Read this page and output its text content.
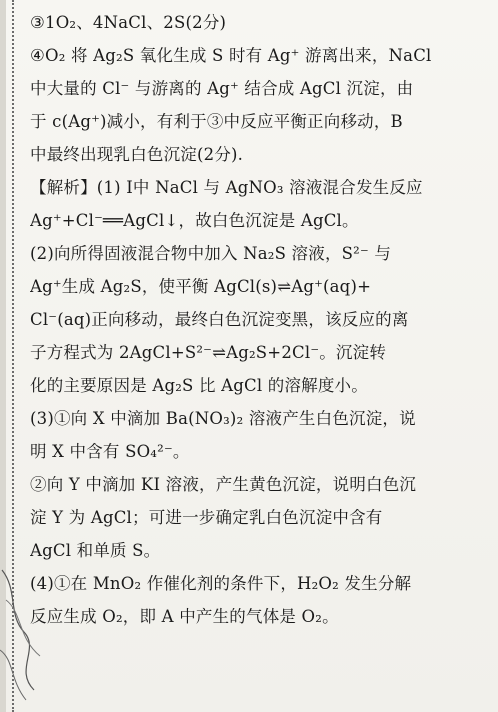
③1O₂、4NaCl、2S(2分)
④O₂ 将 Ag₂S 氧化生成 S 时有 Ag⁺ 游离出来，NaCl
中大量的 Cl⁻ 与游离的 Ag⁺ 结合成 AgCl 沉淀，由
于 c(Ag⁺)减小，有利于③中反应平衡正向移动，B
中最终出现乳白色沉淀(2分).
【解析】(1) Ⅰ中 NaCl 与 AgNO₃ 溶液混合发生反应
Ag⁺+Cl⁻══AgCl↓，故白色沉淀是 AgCl。
(2)向所得固液混合物中加入 Na₂S 溶液，S²⁻ 与
Ag⁺生成 Ag₂S，使平衡 AgCl(s)⇌Ag⁺(aq)+
Cl⁻(aq)正向移动，最终白色沉淀变黑，该反应的离
子方程式为 2AgCl+S²⁻⇌Ag₂S+2Cl⁻。沉淀转
化的主要原因是 Ag₂S 比 AgCl 的溶解度小。
(3)①向 X 中滴加 Ba(NO₃)₂ 溶液产生白色沉淀，说
明 X 中含有 SO₄²⁻。
②向 Y 中滴加 KI 溶液，产生黄色沉淀，说明白色沉
淀 Y 为 AgCl；可进一步确定乳白色沉淀中含有
AgCl 和单质 S。
(4)①在 MnO₂ 作催化剂的条件下，H₂O₂ 发生分解
反应生成 O₂，即 A 中产生的气体是 O₂。
